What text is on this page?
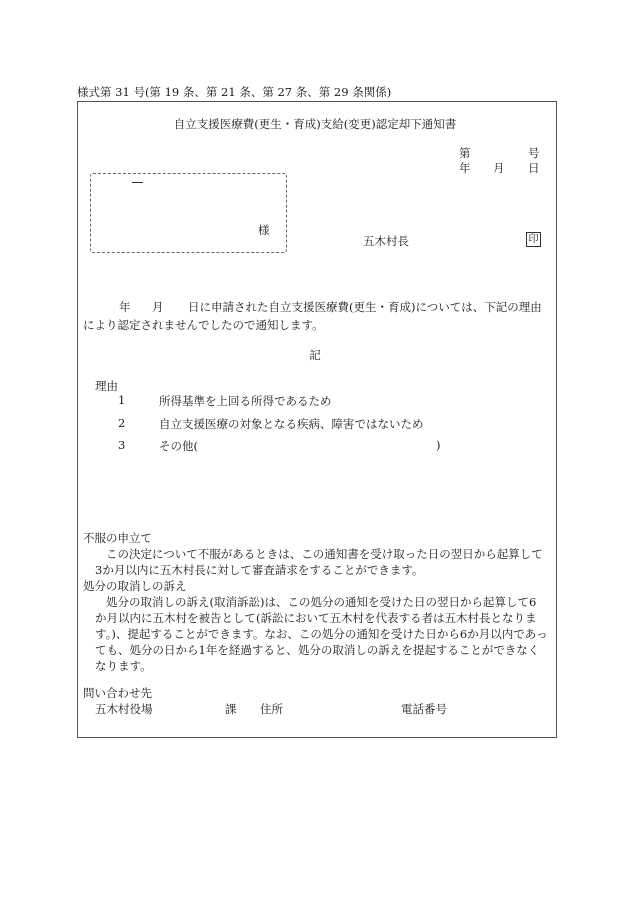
様式第 31 号(第 19 条、第 21 条、第 27 条、第 29 条関係)
自立支援医療費(更生・育成)支給(変更)認定却下通知書
第	号
年 月 日
様
五木村長	印
年 月 日に申請された自立支援医療費(更生・育成)については、下記の理由
により認定されませんでしたので通知します。
記
理由
1	所得基準を上回る所得であるため
2	自立支援医療の対象となる疾病、障害ではないため
3	その他(	)
不服の申立て
この決定について不服があるときは、この通知書を受け取った日の翌日から起算して
3か月以内に五木村長に対して審査請求をすることができます。
処分の取消しの訴え
処分の取消しの訴え(取消訴訟)は、この処分の通知を受けた日の翌日から起算して6
か月以内に五木村を被告として(訴訟において五木村を代表する者は五木村長となりま
す。)、提起することができます。なお、この処分の通知を受けた日から6か月以内であっ
ても、処分の日から1年を経過すると、処分の取消しの訴えを提起することができなく
なります。
問い合わせ先
五木村役場	課 住所	電話番号
